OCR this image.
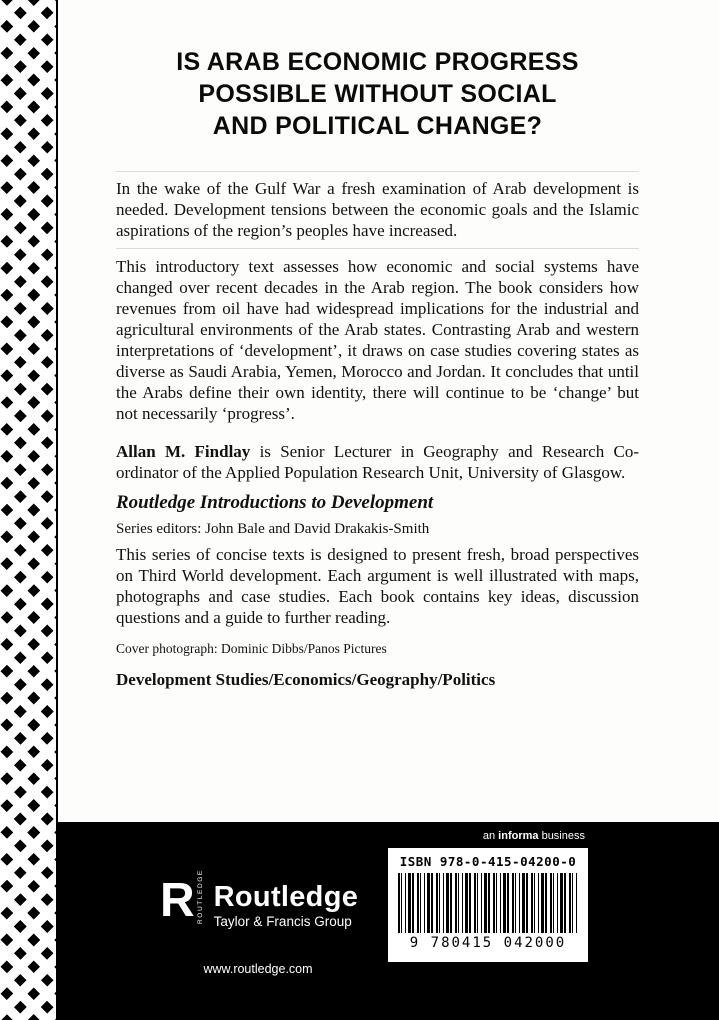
IS ARAB ECONOMIC PROGRESS
POSSIBLE WITHOUT SOCIAL
AND POLITICAL CHANGE?

In the wake of the Gulf War a fresh examination of Arab development is needed. Development tensions between the economic goals and the Islamic aspirations of the region’s peoples have increased.

This introductory text assesses how economic and social systems have changed over recent decades in the Arab region. The book considers how revenues from oil have had widespread implications for the industrial and agricultural environments of the Arab states. Contrasting Arab and western interpretations of ‘development’, it draws on case studies covering states as diverse as Saudi Arabia, Yemen, Morocco and Jordan. It concludes that until the Arabs define their own identity, there will continue to be ‘change’ but not necessarily ‘progress’.

Allan M. Findlay is Senior Lecturer in Geography and Research Co-ordinator of the Applied Population Research Unit, University of Glasgow.

Routledge Introductions to Development

Series editors: John Bale and David Drakakis-Smith

This series of concise texts is designed to present fresh, broad perspectives on Third World development. Each argument is well illustrated with maps, photographs and case studies. Each book contains key ideas, discussion questions and a guide to further reading.

Cover photograph: Dominic Dibbs/Panos Pictures

Development Studies/Economics/Geography/Politics

an informa business
R ROUTLEDGE Routledge
Taylor & Francis Group
www.routledge.com
ISBN 978-0-415-04200-0
9 780415 042000
